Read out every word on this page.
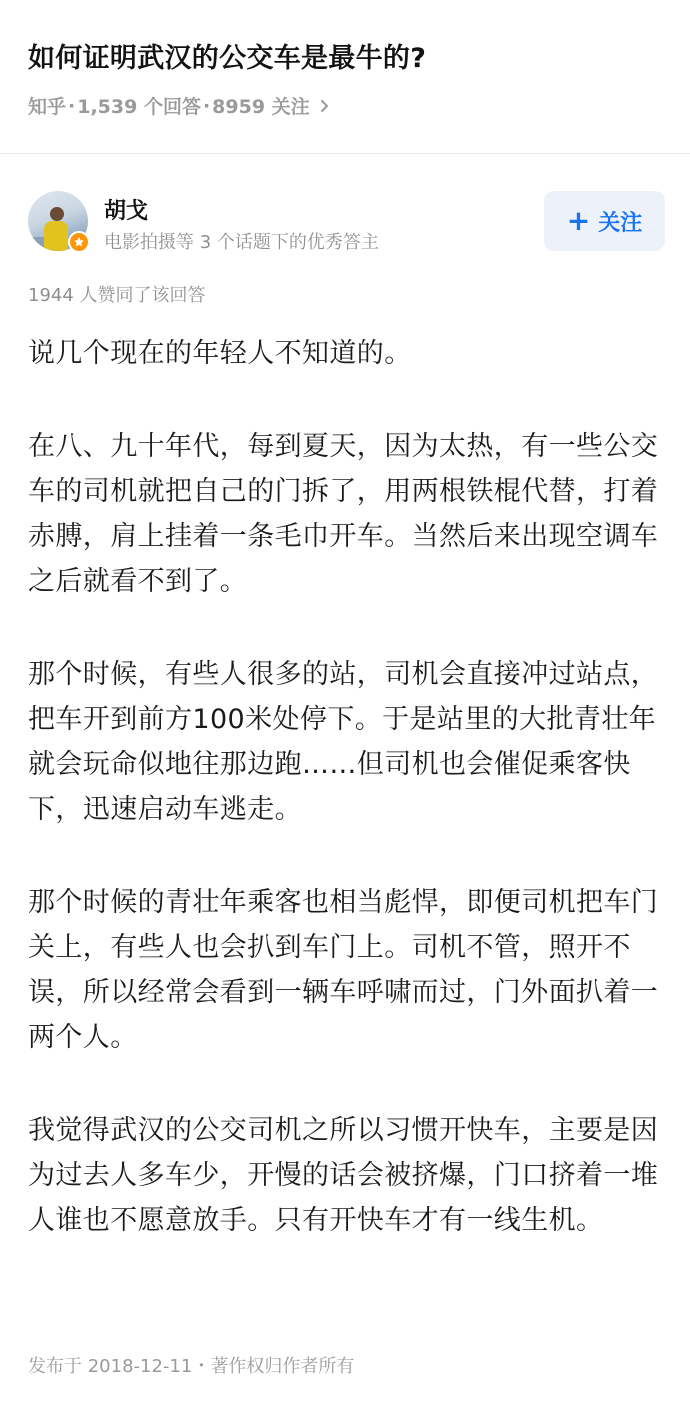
如何证明武汉的公交车是最牛的?
知乎 · 1,539 个回答 · 8959 关注
胡戈
电影拍摄等 3 个话题下的优秀答主
+ 关注
1944 人赞同了该回答

说几个现在的年轻人不知道的。

在八、九十年代，每到夏天，因为太热，有一些公交车的司机就把自己的门拆了，用两根铁棍代替，打着赤膊，肩上挂着一条毛巾开车。当然后来出现空调车之后就看不到了。

那个时候，有些人很多的站，司机会直接冲过站点，把车开到前方100米处停下。于是站里的大批青壮年就会玩命似地往那边跑……但司机也会催促乘客快下，迅速启动车逃走。

那个时候的青壮年乘客也相当彪悍，即便司机把车门关上，有些人也会扒到车门上。司机不管，照开不误，所以经常会看到一辆车呼啸而过，门外面扒着一两个人。

我觉得武汉的公交司机之所以习惯开快车，主要是因为过去人多车少，开慢的话会被挤爆，门口挤着一堆人谁也不愿意放手。只有开快车才有一线生机。

发布于 2018-12-11・著作权归作者所有
